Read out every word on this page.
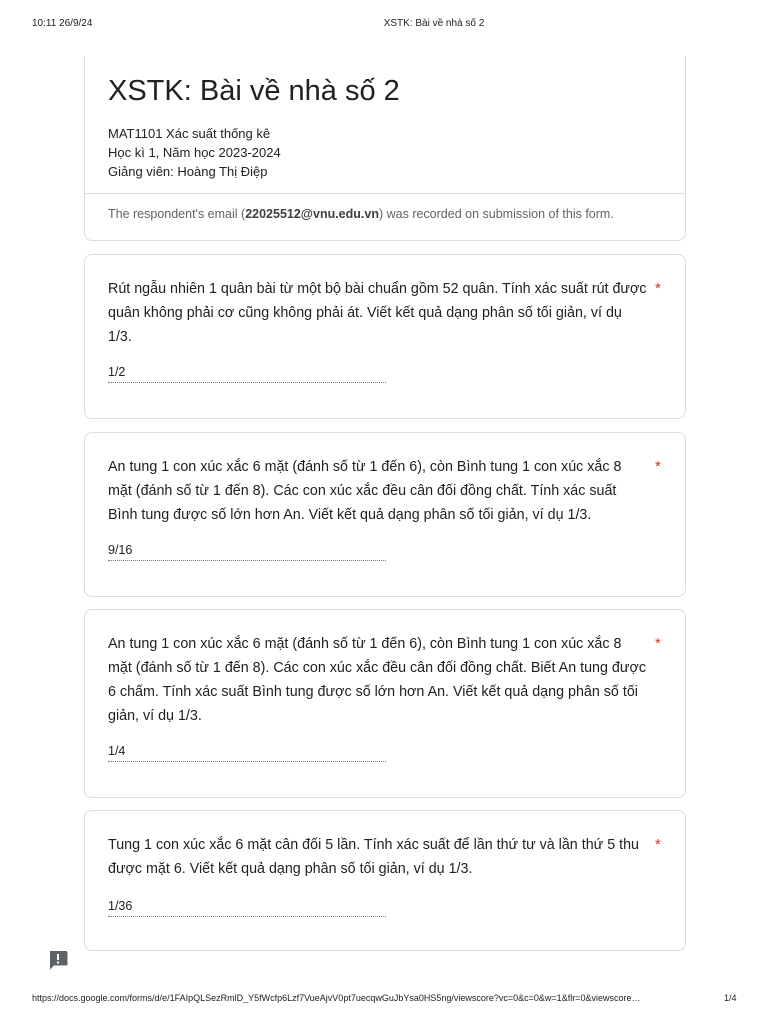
10:11 26/9/24	XSTK: Bài về nhà số 2
XSTK: Bài về nhà số 2
MAT1101 Xác suất thống kê
Học kì 1, Năm học 2023-2024
Giảng viên: Hoàng Thị Điệp
The respondent's email (22025512@vnu.edu.vn) was recorded on submission of this form.
Rút ngẫu nhiên 1 quân bài từ một bộ bài chuẩn gồm 52 quân. Tính xác suất rút được quân không phải cơ cũng không phải át. Viết kết quả dạng phân số tối giản, ví dụ 1/3.
*
1/2
An tung 1 con xúc xắc 6 mặt (đánh số từ 1 đến 6), còn Bình tung 1 con xúc xắc 8 mặt (đánh số từ 1 đến 8). Các con xúc xắc đều cân đối đồng chất. Tính xác suất Bình tung được số lớn hơn An. Viết kết quả dạng phân số tối giản, ví dụ 1/3.
*
9/16
An tung 1 con xúc xắc 6 mặt (đánh số từ 1 đến 6), còn Bình tung 1 con xúc xắc 8 mặt (đánh số từ 1 đến 8). Các con xúc xắc đều cân đối đồng chất. Biết An tung được 6 chấm. Tính xác suất Bình tung được số lớn hơn An. Viết kết quả dạng phân số tối giản, ví dụ 1/3.
*
1/4
Tung 1 con xúc xắc 6 mặt cân đối 5 lần. Tính xác suất để lần thứ tư và lần thứ 5 thu được mặt 6. Viết kết quả dạng phân số tối giản, ví dụ 1/3.
*
1/36
https://docs.google.com/forms/d/e/1FAIpQLSezRmlD_Y5fWcfp6Lzf7VueAjvV0pt7uecqwGuJbYsa0HS5ng/viewscore?vc=0&c=0&w=1&flr=0&viewscore…	1/4
